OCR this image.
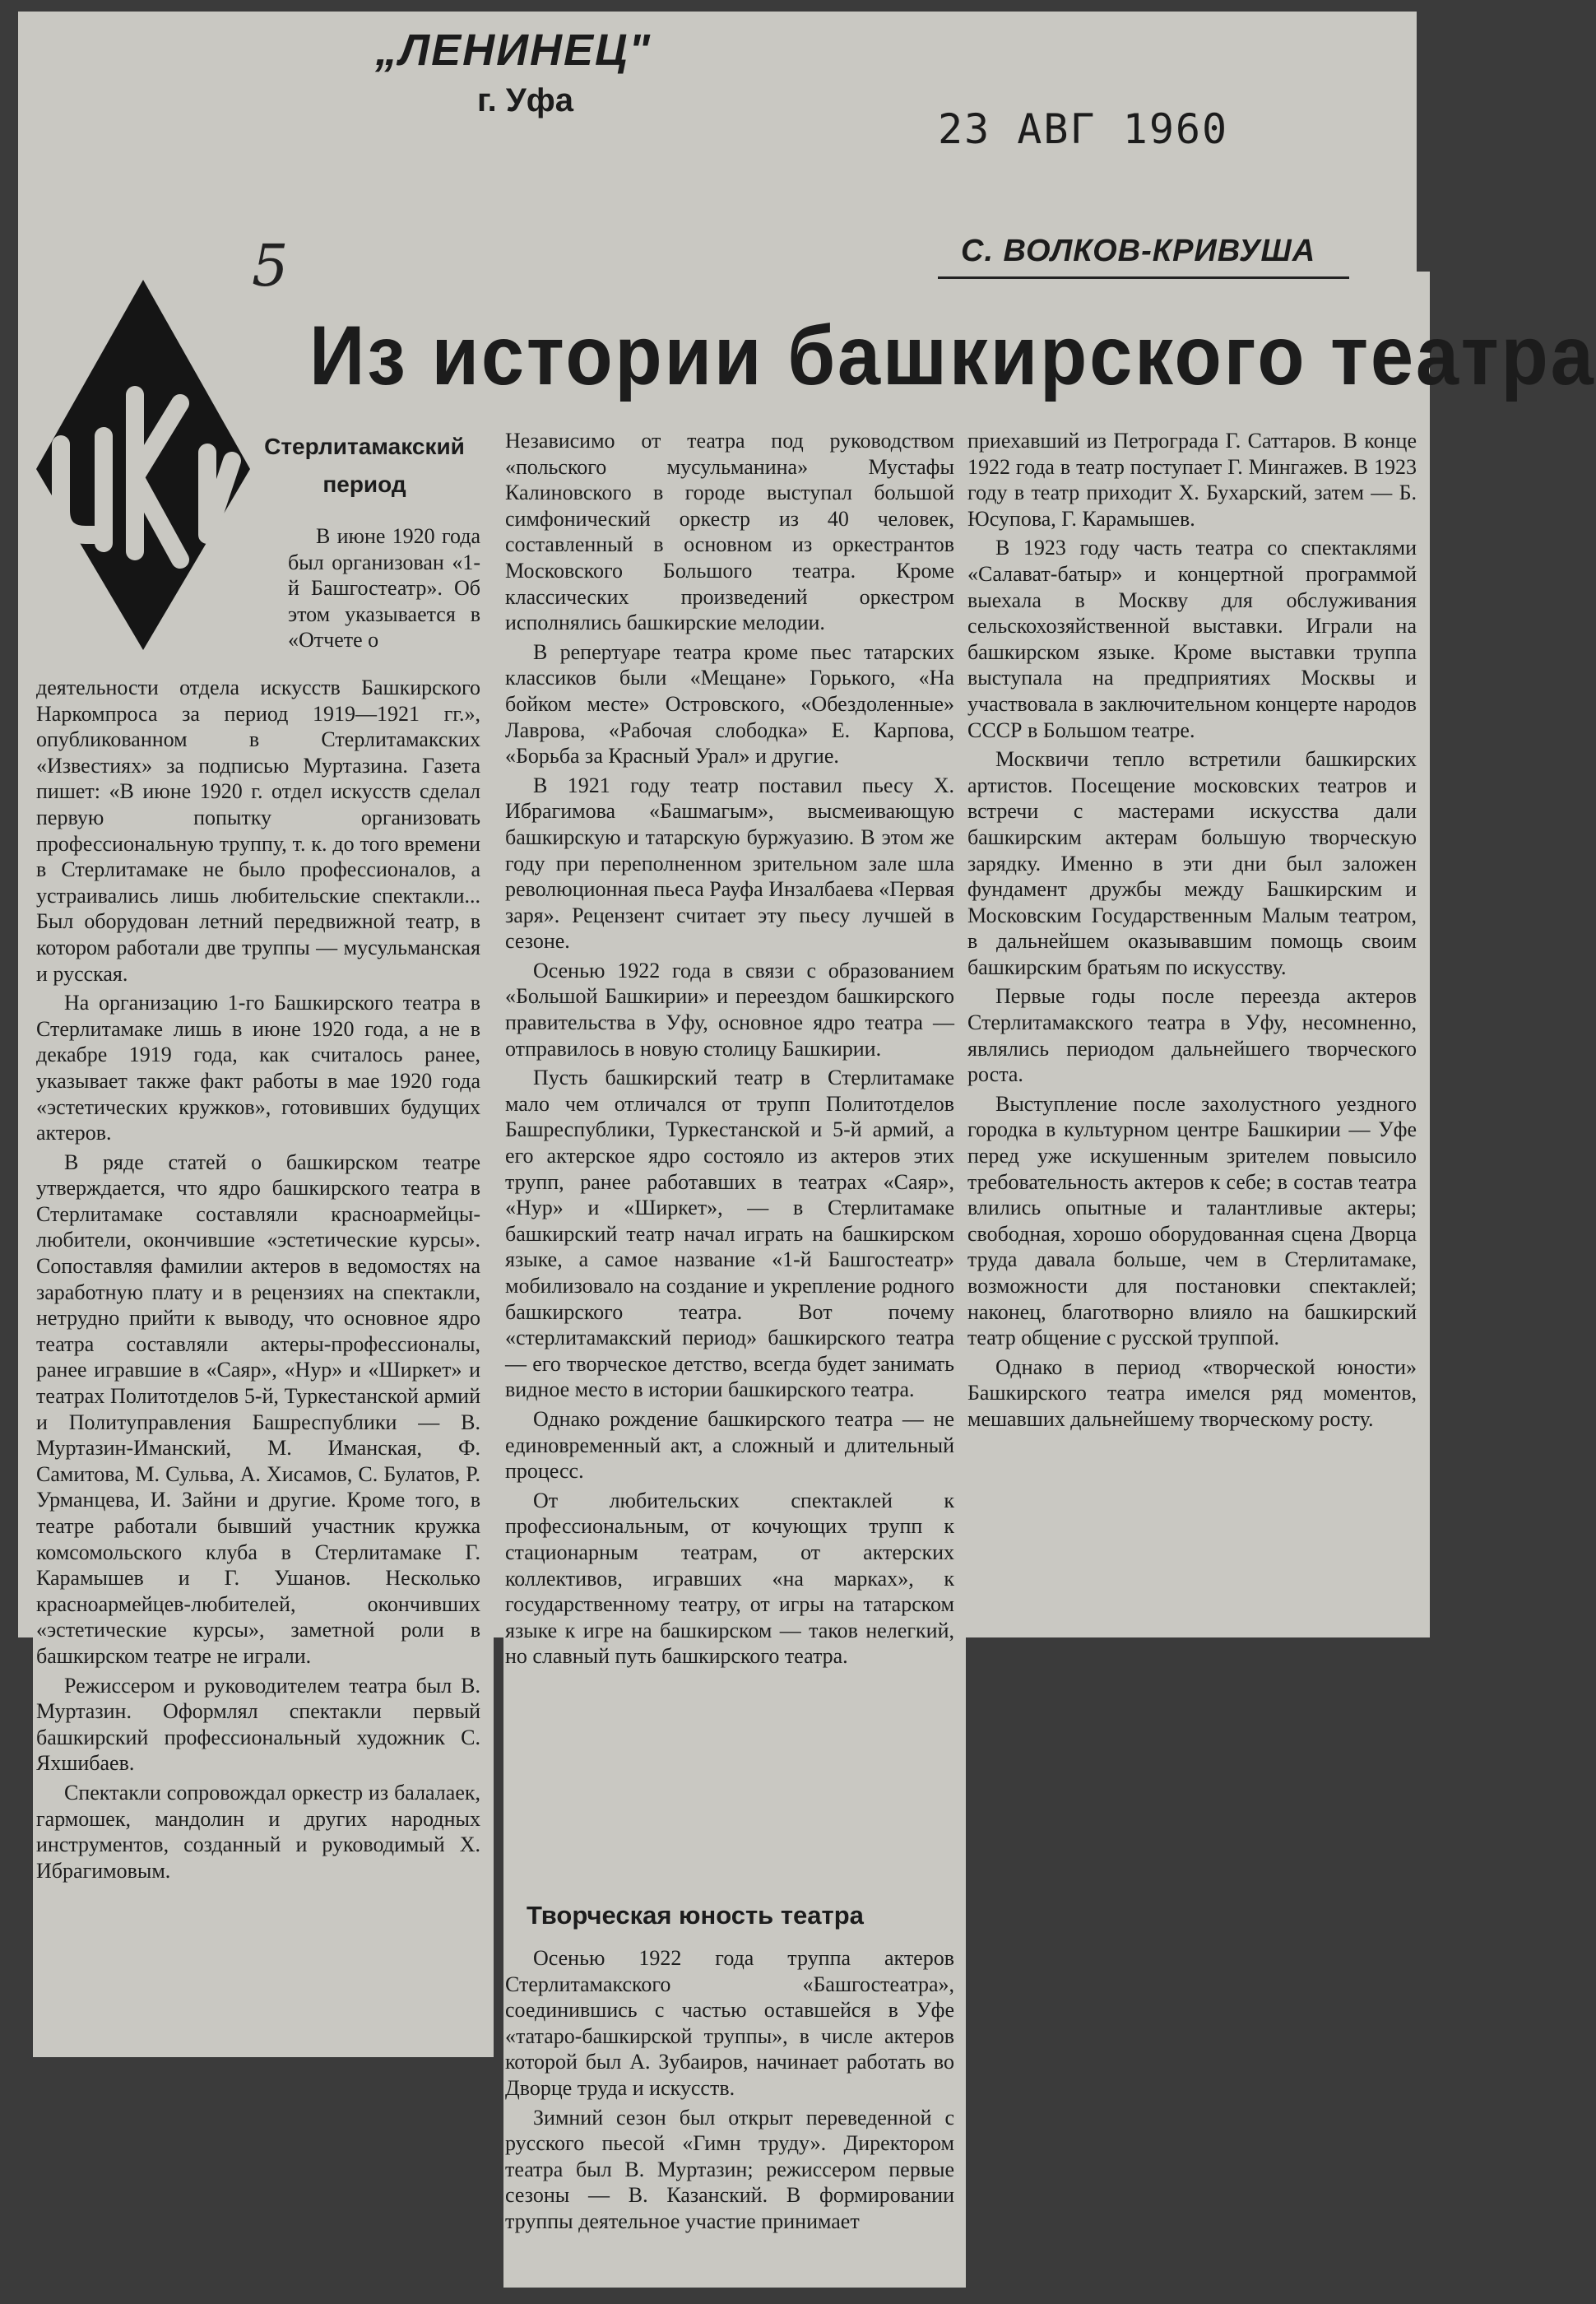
„ЛЕНИНЕЦ"
г. Уфа
23 АВГ 1960
5	С. ВОЛКОВ-КРИВУША
Из истории башкирского театра
Стерлитамакский период

В июне 1920 года был организован «1-й Башгостеатр». Об этом указывается в «Отчете о

деятельности отдела искусств Башкирского Наркомпроса за период 1919—1921 гг.», опубликованном в Стерлитамакских «Известиях» за подписью Муртазина. Газета пишет: «В июне 1920 г. отдел искусств сделал первую попытку организовать профессиональную труппу, т. к. до того времени в Стерлитамаке не было профессионалов, а устраивались лишь любительские спектакли... Был оборудован летний передвижной театр, в котором работали две труппы — мусульманская и русская.

На организацию 1-го Башкирского театра в Стерлитамаке лишь в июне 1920 года, а не в декабре 1919 года, как считалось ранее, указывает также факт работы в мае 1920 года «эстетических кружков», готовивших будущих актеров.

В ряде статей о башкирском театре утверждается, что ядро башкирского театра в Стерлитамаке составляли красноармейцы-любители, окончившие «эстетические курсы». Сопоставляя фамилии актеров в ведомостях на заработную плату и в рецензиях на спектакли, нетрудно прийти к выводу, что основное ядро театра составляли актеры-профессионалы, ранее игравшие в «Саяр», «Нур» и «Ширкет» и театрах Политотделов 5-й, Туркестанской армий и Политуправления Башреспублики — В. Муртазин-Иманский, М. Иманская, Ф. Самитова, М. Сульва, А. Хисамов, С. Булатов, Р. Урманцева, И. Зайни и другие. Кроме того, в театре работали бывший участник кружка комсомольского клуба в Стерлитамаке Г. Карамышев и Г. Ушанов. Несколько красноармейцев-любителей, окончивших «эстетические курсы», заметной роли в башкирском театре не играли.

Режиссером и руководителем театра был В. Муртазин. Оформлял спектакли первый башкирский профессиональный художник С. Яхшибаев.

Спектакли сопровождал оркестр из балалаек, гармошек, мандолин и других народных инструментов, созданный и руководимый Х. Ибрагимовым.

Независимо от театра под руководством «польского мусульманина» Мустафы Калиновского в городе выступал большой симфонический оркестр из 40 человек, составленный в основном из оркестрантов Московского Большого театра. Кроме классических произведений оркестром исполнялись башкирские мелодии.

В репертуаре театра кроме пьес татарских классиков были «Мещане» Горького, «На бойком месте» Островского, «Обездоленные» Лаврова, «Рабочая слободка» Е. Карпова, «Борьба за Красный Урал» и другие.

В 1921 году театр поставил пьесу Х. Ибрагимова «Башмагым», высмеивающую башкирскую и татарскую буржуазию. В этом же году при переполненном зрительном зале шла революционная пьеса Рауфа Инзалбаева «Первая заря». Рецензент считает эту пьесу лучшей в сезоне.

Осенью 1922 года в связи с образованием «Большой Башкирии» и переездом башкирского правительства в Уфу, основное ядро театра — отправилось в новую столицу Башкирии.

Пусть башкирский театр в Стерлитамаке мало чем отличался от трупп Политотделов Башреспублики, Туркестанской и 5-й армий, а его актерское ядро состояло из актеров этих трупп, ранее работавших в театрах «Саяр», «Нур» и «Ширкет», — в Стерлитамаке башкирский театр начал играть на башкирском языке, а самое название «1-й Башгостеатр» мобилизовало на создание и укрепление родного башкирского театра. Вот почему «стерлитамакский период» башкирского театра — его творческое детство, всегда будет занимать видное место в истории башкирского театра.

Однако рождение башкирского театра — не единовременный акт, а сложный и длительный процесс.

От любительских спектаклей к профессиональным, от кочующих трупп к стационарным театрам, от актерских коллективов, игравших «на марках», к государственному театру, от игры на татарском языке к игре на башкирском — таков нелегкий, но славный путь башкирского театра.

Творческая юность театра

Осенью 1922 года труппа актеров Стерлитамакского «Башгостеатра», соединившись с частью оставшейся в Уфе «татаро-башкирской труппы», в числе актеров которой был А. Зубаиров, начинает работать во Дворце труда и искусств.

Зимний сезон был открыт переведенной с русского пьесой «Гимн труду». Директором театра был В. Муртазин; режиссером первые сезоны — В. Казанский. В формировании труппы деятельное участие принимает

приехавший из Петрограда Г. Саттаров. В конце 1922 года в театр поступает Г. Мингажев. В 1923 году в театр приходит Х. Бухарский, затем — Б. Юсупова, Г. Карамышев.

В 1923 году часть театра со спектаклями «Салават-батыр» и концертной программой выехала в Москву для обслуживания сельскохозяйственной выставки. Играли на башкирском языке. Кроме выставки труппа выступала на предприятиях Москвы и участвовала в заключительном концерте народов СССР в Большом театре.

Москвичи тепло встретили башкирских артистов. Посещение московских театров и встречи с мастерами искусства дали башкирским актерам большую творческую зарядку. Именно в эти дни был заложен фундамент дружбы между Башкирским и Московским Государственным Малым театром, в дальнейшем оказывавшим помощь своим башкирским братьям по искусству.

Первые годы после переезда актеров Стерлитамакского театра в Уфу, несомненно, являлись периодом дальнейшего творческого роста.

Выступление после захолустного уездного городка в культурном центре Башкирии — Уфе перед уже искушенным зрителем повысило требовательность актеров к себе; в состав театра влились опытные и талантливые актеры; свободная, хорошо оборудованная сцена Дворца труда давала больше, чем в Стерлитамаке, возможности для постановки спектаклей; наконец, благотворно влияло на башкирский театр общение с русской труппой.

Однако в период «творческой юности» Башкирского театра имелся ряд моментов, мешавших дальнейшему творческому росту.
